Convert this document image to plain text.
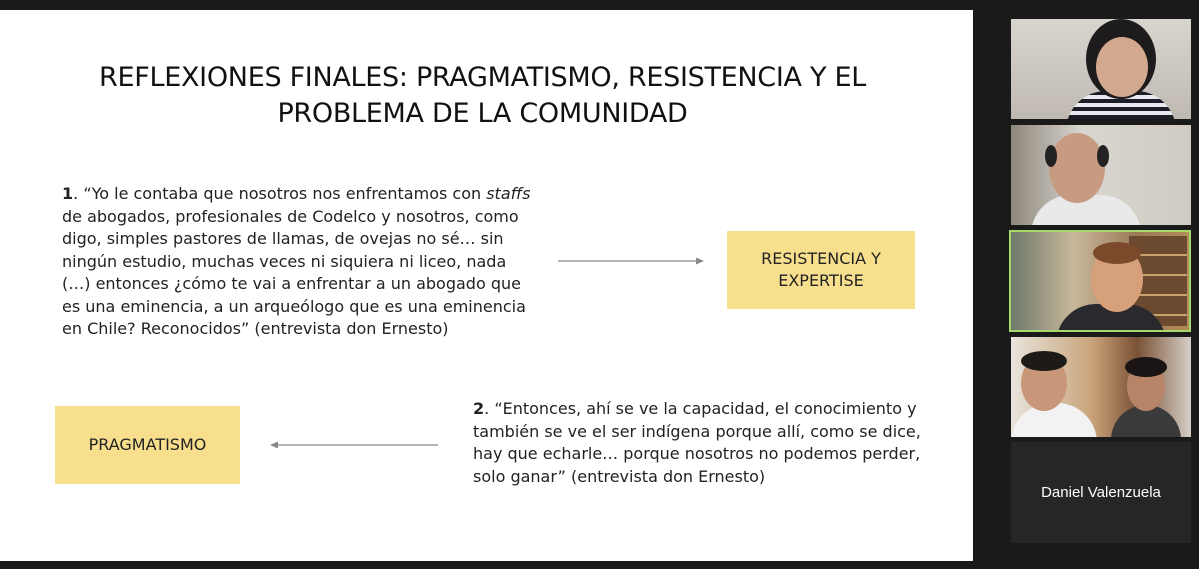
REFLEXIONES FINALES: PRAGMATISMO, RESISTENCIA Y EL
PROBLEMA DE LA COMUNIDAD
1. “Yo le contaba que nosotros nos enfrentamos con staffs de abogados, profesionales de Codelco y nosotros, como digo, simples pastores de llamas, de ovejas no sé… sin ningún estudio, muchas veces ni siquiera ni liceo, nada (…) entonces ¿cómo te vai a enfrentar a un abogado que es una eminencia, a un arqueólogo que es una eminencia en Chile? Reconocidos” (entrevista don Ernesto)
RESISTENCIA Y
EXPERTISE
PRAGMATISMO
2. “Entonces, ahí se ve la capacidad, el conocimiento y también se ve el ser indígena porque allí, como se dice, hay que echarle… porque nosotros no podemos perder, solo ganar” (entrevista don Ernesto)
Daniel Valenzuela
